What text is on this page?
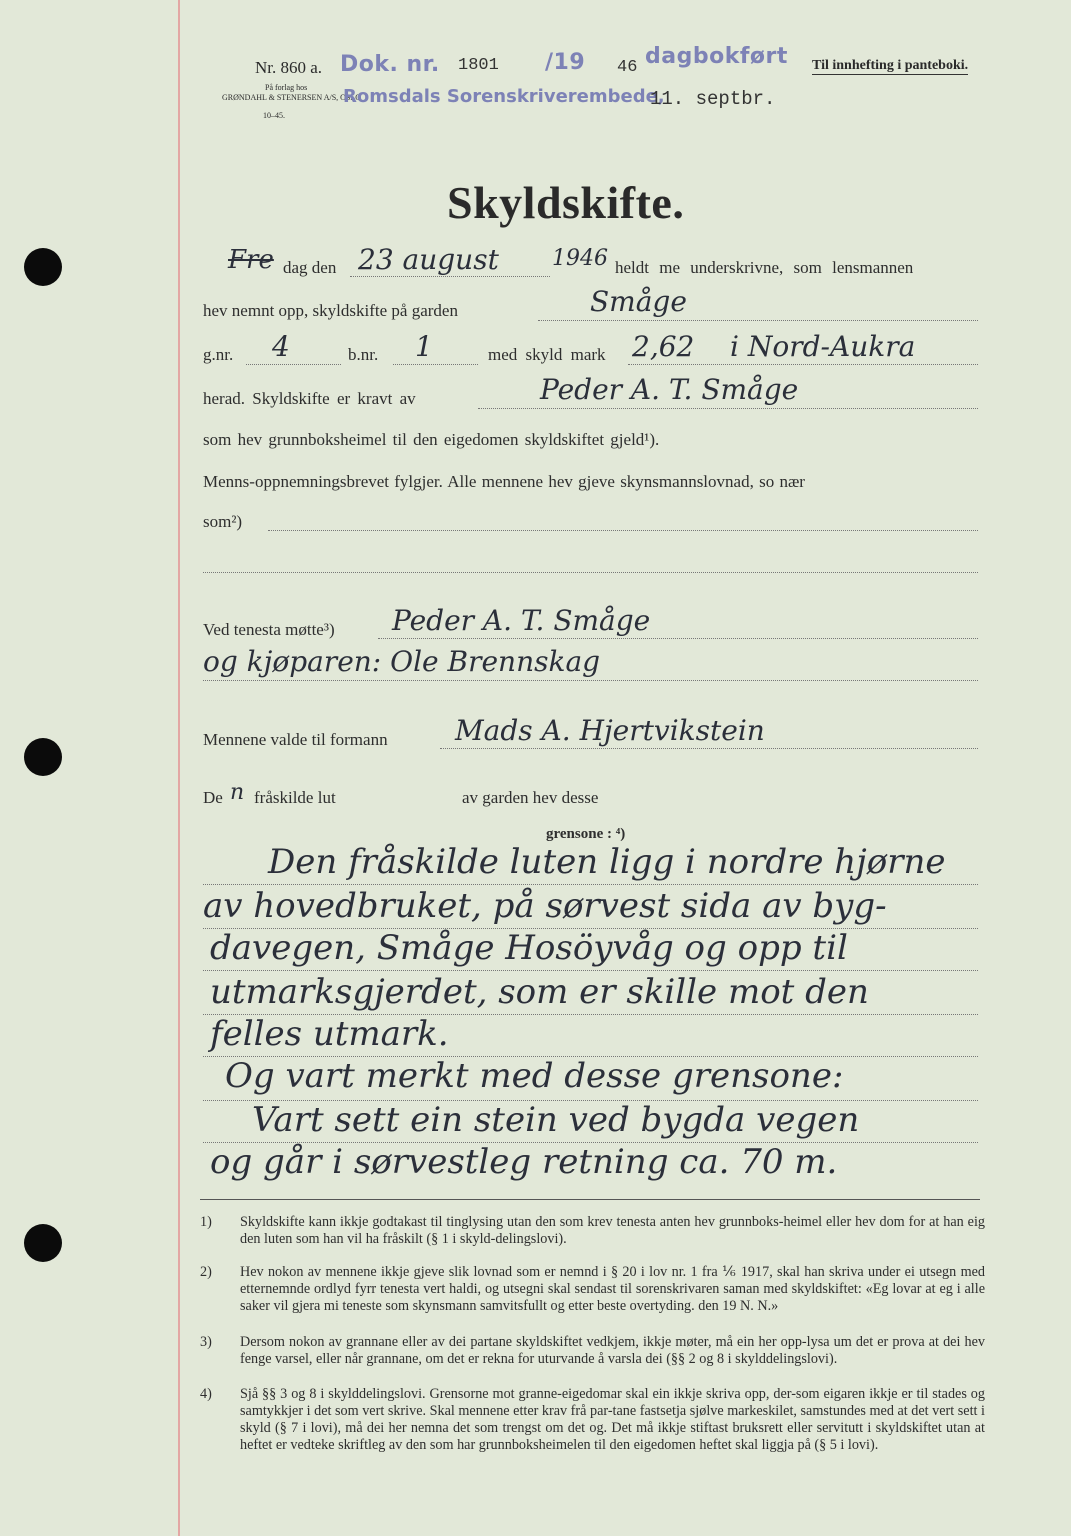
Nr. 860 a.
På forlag hos
GRØNDAHL & STENERSEN A/S, OSLO
10–45.
Dok. nr. 1801 /19 46 dagbokført
Romsdals Sorenskriverembede,
11. septbr.
Til innhefting i panteboki.
Skyldskifte.
Fre dag den 23 august 1946 heldt me underskrivne, som lensmannen
hev nemnt opp, skyldskifte på garden	Småge
g.nr. 4	b.nr. 1	med skyld mark 2,62 i Nord-Aukra
herad. Skyldskifte er kravt av	Peder A. T. Småge
som hev grunnboksheimel til den eigedomen skyldskiftet gjeld¹).
Menns-oppnemningsbrevet fylgjer. Alle mennene hev gjeve skynsmannslovnad, so nær
som²)
Ved tenesta møtte³) Peder A. T. Småge
og kjøparen: Ole Brennskag
Mennene valde til formann Mads A. Hjertvikstein
De n fråskilde lut	av garden hev desse
grensone : ⁴)
Den fråskilde luten ligg i nordre hjørne
av hovedbruket, på sørvest sida av byg-
davegen, Småge Hosöyvåg og opp til
utmarksgjerdet, som er skille mot den
felles utmark.
Og vart merkt med desse grensone:
Vart sett ein stein ved bygda vegen
og går i sørvestleg retning ca. 70 m.
1) Skyldskifte kann ikkje godtakast til tinglysing utan den som krev tenesta anten hev grunnboks-heimel eller hev dom for at han eig den luten som han vil ha fråskilt (§ 1 i skyld-delingslovi).
2) Hev nokon av mennene ikkje gjeve slik lovnad som er nemnd i § 20 i lov nr. 1 fra ⅙ 1917, skal han skriva under ei utsegn med etternemnde ordlyd fyrr tenesta vert haldi, og utsegni skal sendast til sorenskrivaren saman med skyldskiftet: «Eg lovar at eg i alle saker vil gjera mi teneste som skynsmann samvitsfullt og etter beste overtyding. den 19 N. N.»
3) Dersom nokon av grannane eller av dei partane skyldskiftet vedkjem, ikkje møter, må ein her opp-lysa um det er prova at dei hev fenge varsel, eller når grannane, om det er rekna for uturvande å varsla dei (§§ 2 og 8 i skylddelingslovi).
4) Sjå §§ 3 og 8 i skylddelingslovi. Grensorne mot granne-eigedomar skal ein ikkje skriva opp, der-som eigaren ikkje er til stades og samtykkjer i det som vert skrive. Skal mennene etter krav frå par-tane fastsetja sjølve markeskilet, samstundes med at det vert sett i skyld (§ 7 i lovi), må dei her nemna det som trengst om det og. Det må ikkje stiftast bruksrett eller servitutt i skyldskiftet utan at heftet er vedteke skriftleg av den som har grunnboksheimelen til den eigedomen heftet skal liggja på (§ 5 i lovi).
